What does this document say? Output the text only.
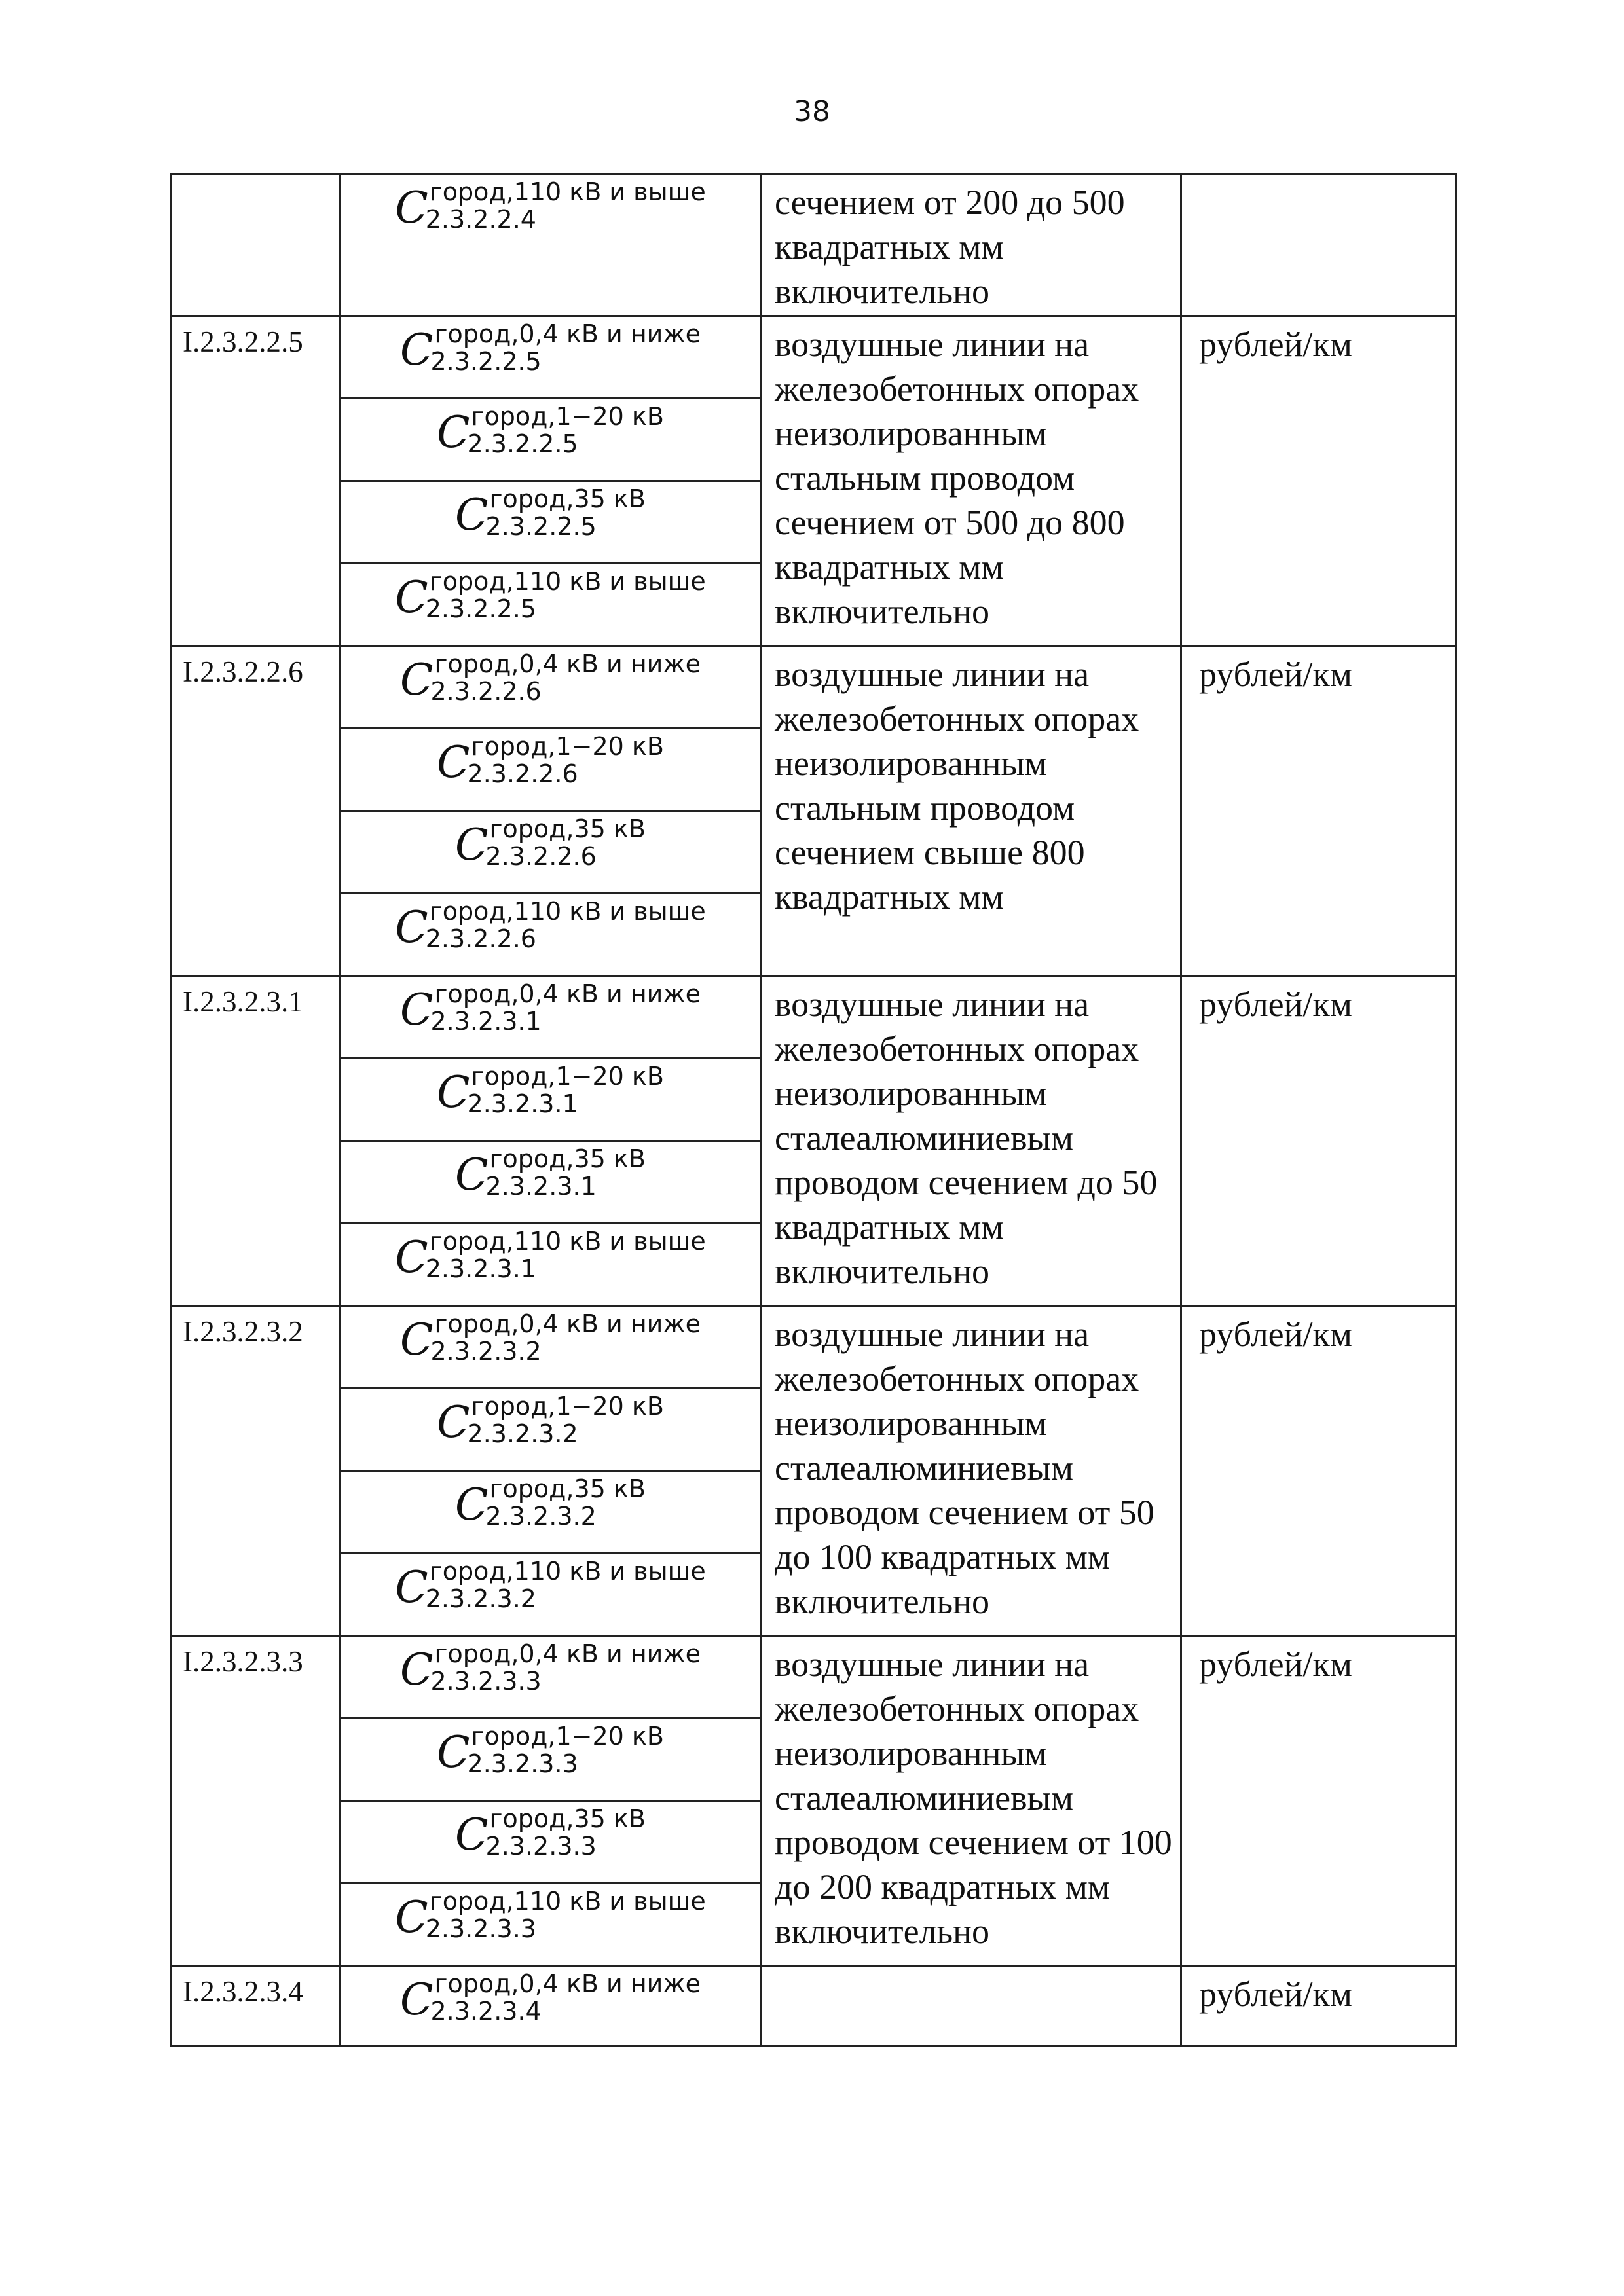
38

	C город,110 кВ и выше
2.3.2.2.4	сечением от 200 до 500 квадратных мм включительно	
I.2.3.2.2.5	C город,0,4 кВ и ниже
2.3.2.2.5	воздушные линии на железобетонных опорах неизолированным стальным проводом сечением от 500 до 800 квадратных мм включительно	рублей/км

	C город,1−20 кВ
2.3.2.2.5		

	C город,35 кВ
2.3.2.2.5		

	C город,110 кВ и выше
2.3.2.2.5		

I.2.3.2.2.6	C город,0,4 кВ и ниже
2.3.2.2.6	воздушные линии на железобетонных опорах неизолированным стальным проводом сечением свыше 800 квадратных мм	рублей/км

	C город,1−20 кВ
2.3.2.2.6		

	C город,35 кВ
2.3.2.2.6		

	C город,110 кВ и выше
2.3.2.2.6		

I.2.3.2.3.1	C город,0,4 кВ и ниже
2.3.2.3.1	воздушные линии на железобетонных опорах неизолированным сталеалюминиевым проводом сечением до 50 квадратных мм включительно	рублей/км

	C город,1−20 кВ
2.3.2.3.1		

	C город,35 кВ
2.3.2.3.1		

	C город,110 кВ и выше
2.3.2.3.1		

I.2.3.2.3.2	C город,0,4 кВ и ниже
2.3.2.3.2	воздушные линии на железобетонных опорах неизолированным сталеалюминиевым проводом сечением от 50 до 100 квадратных мм включительно	рублей/км

	C город,1−20 кВ
2.3.2.3.2		

	C город,35 кВ
2.3.2.3.2		

	C город,110 кВ и выше
2.3.2.3.2		

I.2.3.2.3.3	C город,0,4 кВ и ниже
2.3.2.3.3	воздушные линии на железобетонных опорах неизолированным сталеалюминиевым проводом сечением от 100 до 200 квадратных мм включительно	рублей/км

	C город,1−20 кВ
2.3.2.3.3		

	C город,35 кВ
2.3.2.3.3		

	C город,110 кВ и выше
2.3.2.3.3		

I.2.3.2.3.4	C город,0,4 кВ и ниже
2.3.2.3.4		рублей/км
